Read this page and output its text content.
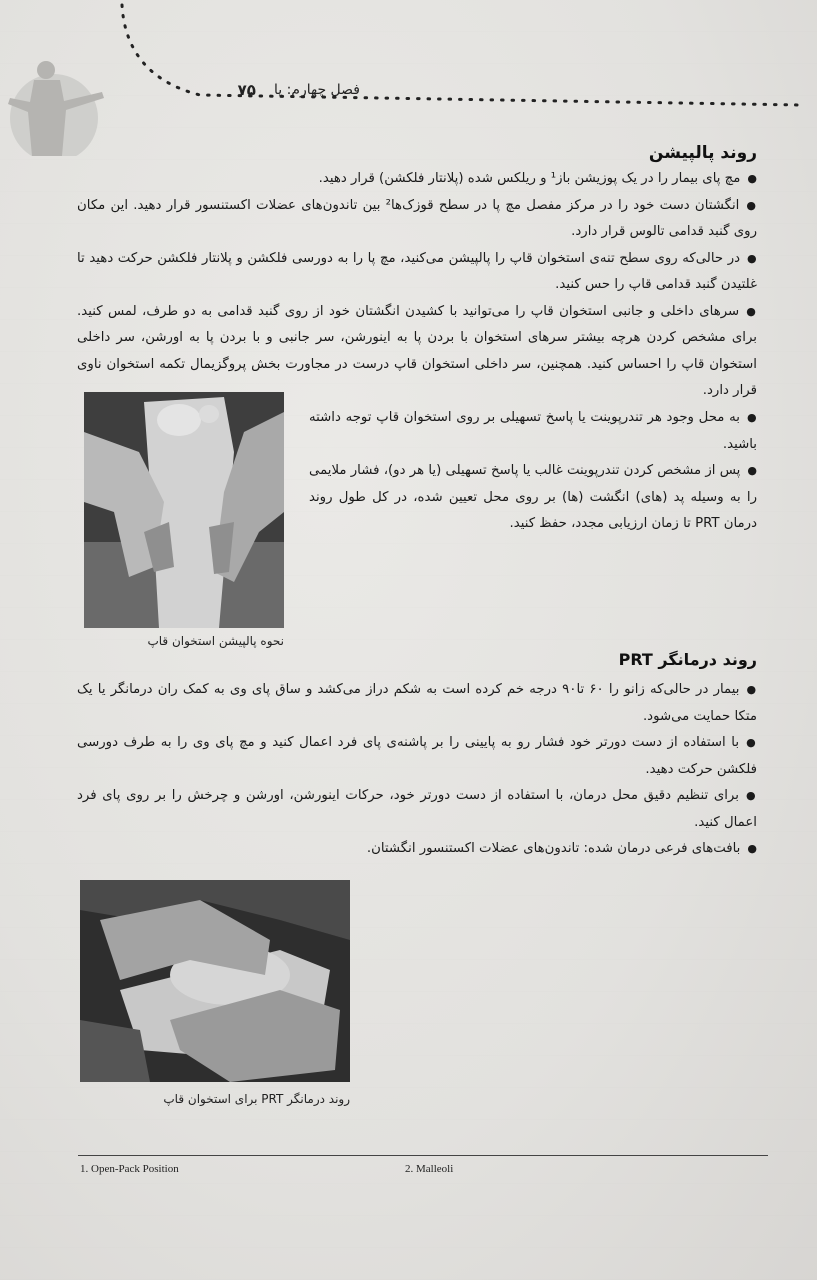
فصل چهارم: پا
۷۵
روند پالپیشن
● مچ پای بیمار را در یک پوزیشن باز¹ و ریلکس شده (پلانتار فلکشن) قرار دهید.
● انگشتان دست خود را در مرکز مفصل مچ پا در سطح قوزک‌ها² بین تاندون‌های عضلات اکستنسور قرار دهید. این مکان روی گنبد قدامی تالوس قرار دارد.
● در حالی‌که روی سطح تنه‌ی استخوان قاپ را پالپیشن می‌کنید، مچ پا را به دورسی فلکشن و پلانتار فلکشن حرکت دهید تا غلتیدن گنبد قدامی قاپ را حس کنید.
● سرهای داخلی و جانبی استخوان قاپ را می‌توانید با کشیدن انگشتان خود از روی گنبد قدامی به دو طرف، لمس کنید. برای مشخص کردن هرچه بیشتر سرهای استخوان با بردن پا به اینورشن، سر جانبی و با بردن پا به اورشن، سر داخلی استخوان قاپ را احساس کنید. همچنین، سر داخلی استخوان قاپ درست در مجاورت بخش پروگزیمال تکمه استخوان ناوی قرار دارد.
نحوه پالپیشن استخوان قاپ
● به محل وجود هر تندرپوینت یا پاسخ تسهیلی بر روی استخوان قاپ توجه داشته باشید.
● پس از مشخص کردن تندرپوینت غالب یا پاسخ تسهیلی (یا هر دو)، فشار ملایمی را به وسیله پد (های) انگشت (ها) بر روی محل تعیین شده، در کل طول روند درمان PRT تا زمان ارزیابی مجدد، حفظ کنید.
روند درمانگر PRT
● بیمار در حالی‌که زانو را ۶۰ تا۹۰ درجه خم کرده است به شکم دراز می‌کشد و ساق پای وی به کمک ران درمانگر یا یک متکا حمایت می‌شود.
● با استفاده از دست دورتر خود فشار رو به پایینی را بر پاشنه‌ی پای فرد اعمال کنید و مچ پای وی را به طرف دورسی فلکشن حرکت دهید.
● برای تنظیم دقیق محل درمان، با استفاده از دست دورتر خود، حرکات اینورشن، اورشن و چرخش را بر روی پای فرد اعمال کنید.
● بافت‌های فرعی درمان شده: تاندون‌های عضلات اکستنسور انگشتان.
روند درمانگر PRT برای استخوان قاپ
1. Open-Pack Position	2. Malleoli
